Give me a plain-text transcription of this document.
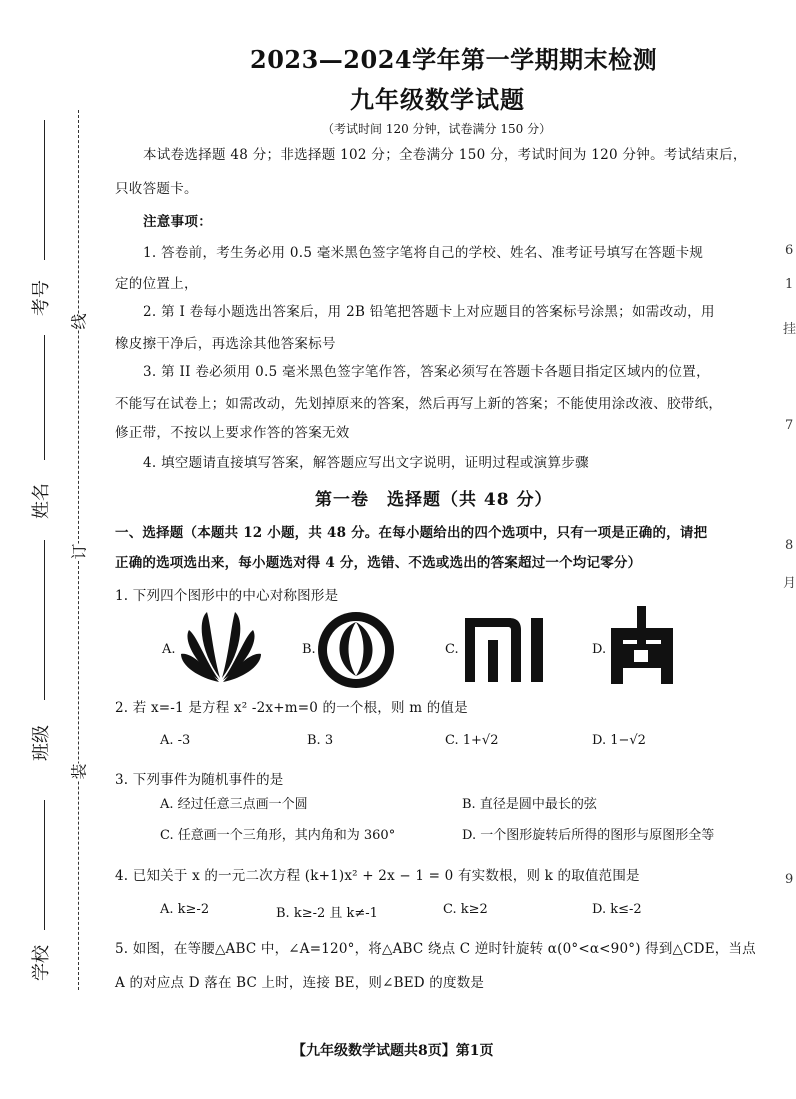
考号
姓名
班级
学校
线
订
装
2023—2024学年第一学期期末检测
九年级数学试题
（考试时间 120 分钟，试卷满分 150 分）
本试卷选择题 48 分；非选择题 102 分；全卷满分 150 分，考试时间为 120 分钟。考试结束后，
只收答题卡。
注意事项：
1. 答卷前，考生务必用 0.5 毫米黑色签字笔将自己的学校、姓名、准考证号填写在答题卡规
定的位置上，
2. 第 I 卷每小题选出答案后，用 2B 铅笔把答题卡上对应题目的答案标号涂黑；如需改动，用
橡皮擦干净后，再选涂其他答案标号
3. 第 II 卷必须用 0.5 毫米黑色签字笔作答，答案必须写在答题卡各题目指定区域内的位置，
不能写在试卷上；如需改动，先划掉原来的答案，然后再写上新的答案；不能使用涂改液、胶带纸，
修正带，不按以上要求作答的答案无效
4. 填空题请直接填写答案，解答题应写出文字说明，证明过程或演算步骤
第一卷　选择题（共 48 分）
一、选择题（本题共 12 小题，共 48 分。在每小题给出的四个选项中，只有一项是正确的，请把
正确的选项选出来，每小题选对得 4 分，选错、不选或选出的答案超过一个均记零分）
1. 下列四个图形中的中心对称图形是
A.	B.	C.	D.
2. 若 x=-1 是方程 x² -2x+m=0 的一个根，则 m 的值是
A. -3	B. 3	C. 1+√2	D. 1−√2
3. 下列事件为随机事件的是
A. 经过任意三点画一个圆	B. 直径是圆中最长的弦
C. 任意画一个三角形，其内角和为 360°	D. 一个图形旋转后所得的图形与原图形全等
4. 已知关于 x 的一元二次方程 (k+1)x² + 2x − 1 = 0 有实数根，则 k 的取值范围是
A. k≥-2	B. k≥-2 且 k≠-1	C. k≥2	D. k≤-2
5. 如图，在等腰△ABC 中，∠A=120°，将△ABC 绕点 C 逆时针旋转 α(0°<α<90°) 得到△CDE，当点
A 的对应点 D 落在 BC 上时，连接 BE，则∠BED 的度数是
6
1
挂
7
8
月
9
【九年级数学试题共8页】第1页
